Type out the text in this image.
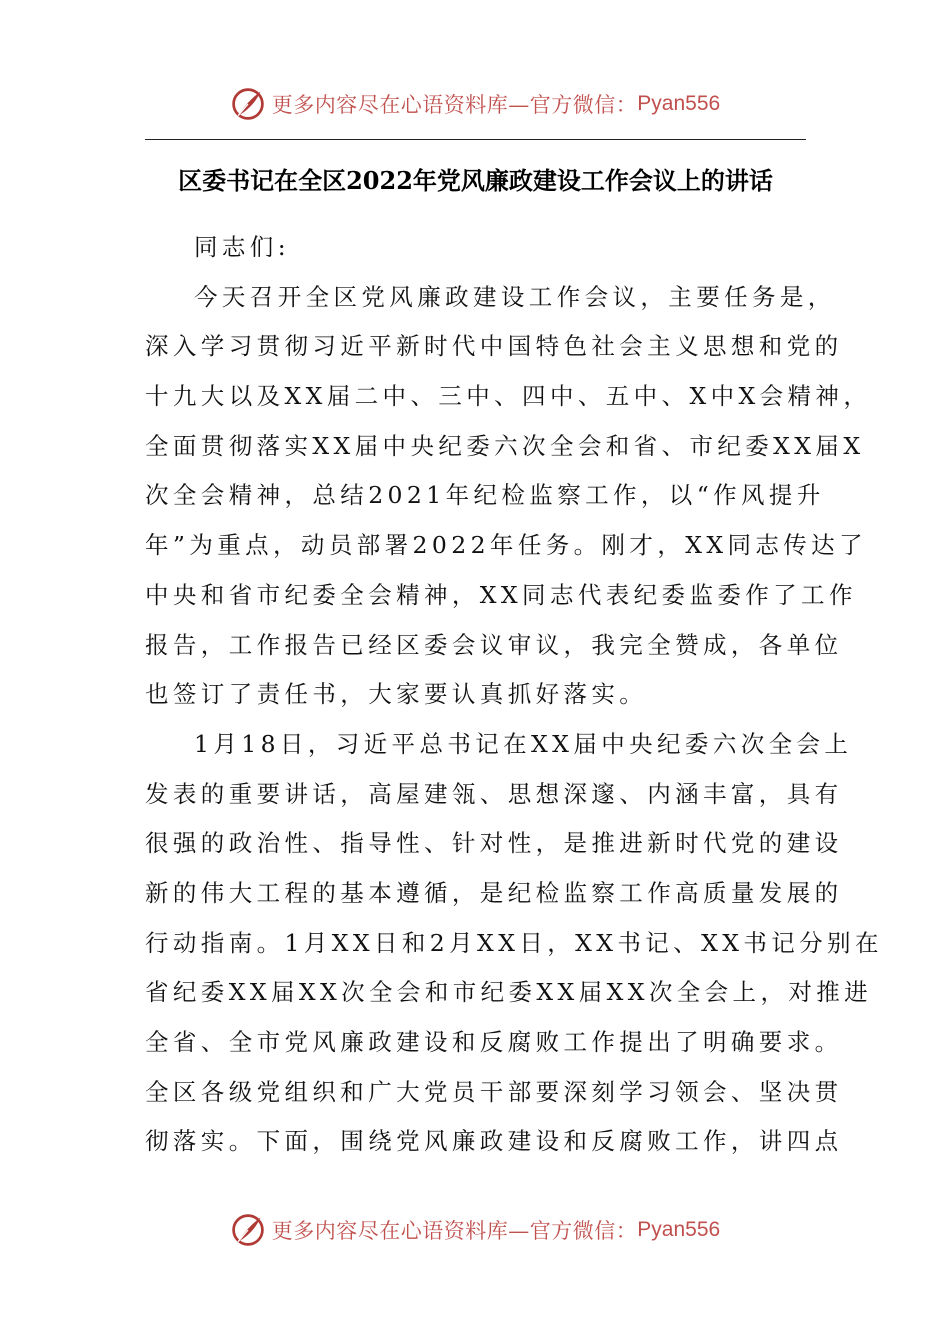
更多内容尽在心语资料库—官方微信： Pyan556
区委书记在全区2022年党风廉政建设工作会议上的讲话
同志们:
今天召开全区党风廉政建设工作会议，主要任务是，
深入学习贯彻习近平新时代中国特色社会主义思想和党的
十九大以及XX届二中、三中、四中、五中、X中X会精神，
全面贯彻落实XX届中央纪委六次全会和省、市纪委XX届X
次全会精神，总结2021年纪检监察工作，以“作风提升
年”为重点，动员部署2022年任务。刚才，XX同志传达了
中央和省市纪委全会精神，XX同志代表纪委监委作了工作
报告，工作报告已经区委会议审议，我完全赞成，各单位
也签订了责任书，大家要认真抓好落实。
1月18日，习近平总书记在XX届中央纪委六次全会上
发表的重要讲话，高屋建瓴、思想深邃、内涵丰富，具有
很强的政治性、指导性、针对性，是推进新时代党的建设
新的伟大工程的基本遵循，是纪检监察工作高质量发展的
行动指南。1月XX日和2月XX日，XX书记、XX书记分别在
省纪委XX届XX次全会和市纪委XX届XX次全会上，对推进
全省、全市党风廉政建设和反腐败工作提出了明确要求。
全区各级党组织和广大党员干部要深刻学习领会、坚决贯
彻落实。下面，围绕党风廉政建设和反腐败工作，讲四点
更多内容尽在心语资料库—官方微信： Pyan556
